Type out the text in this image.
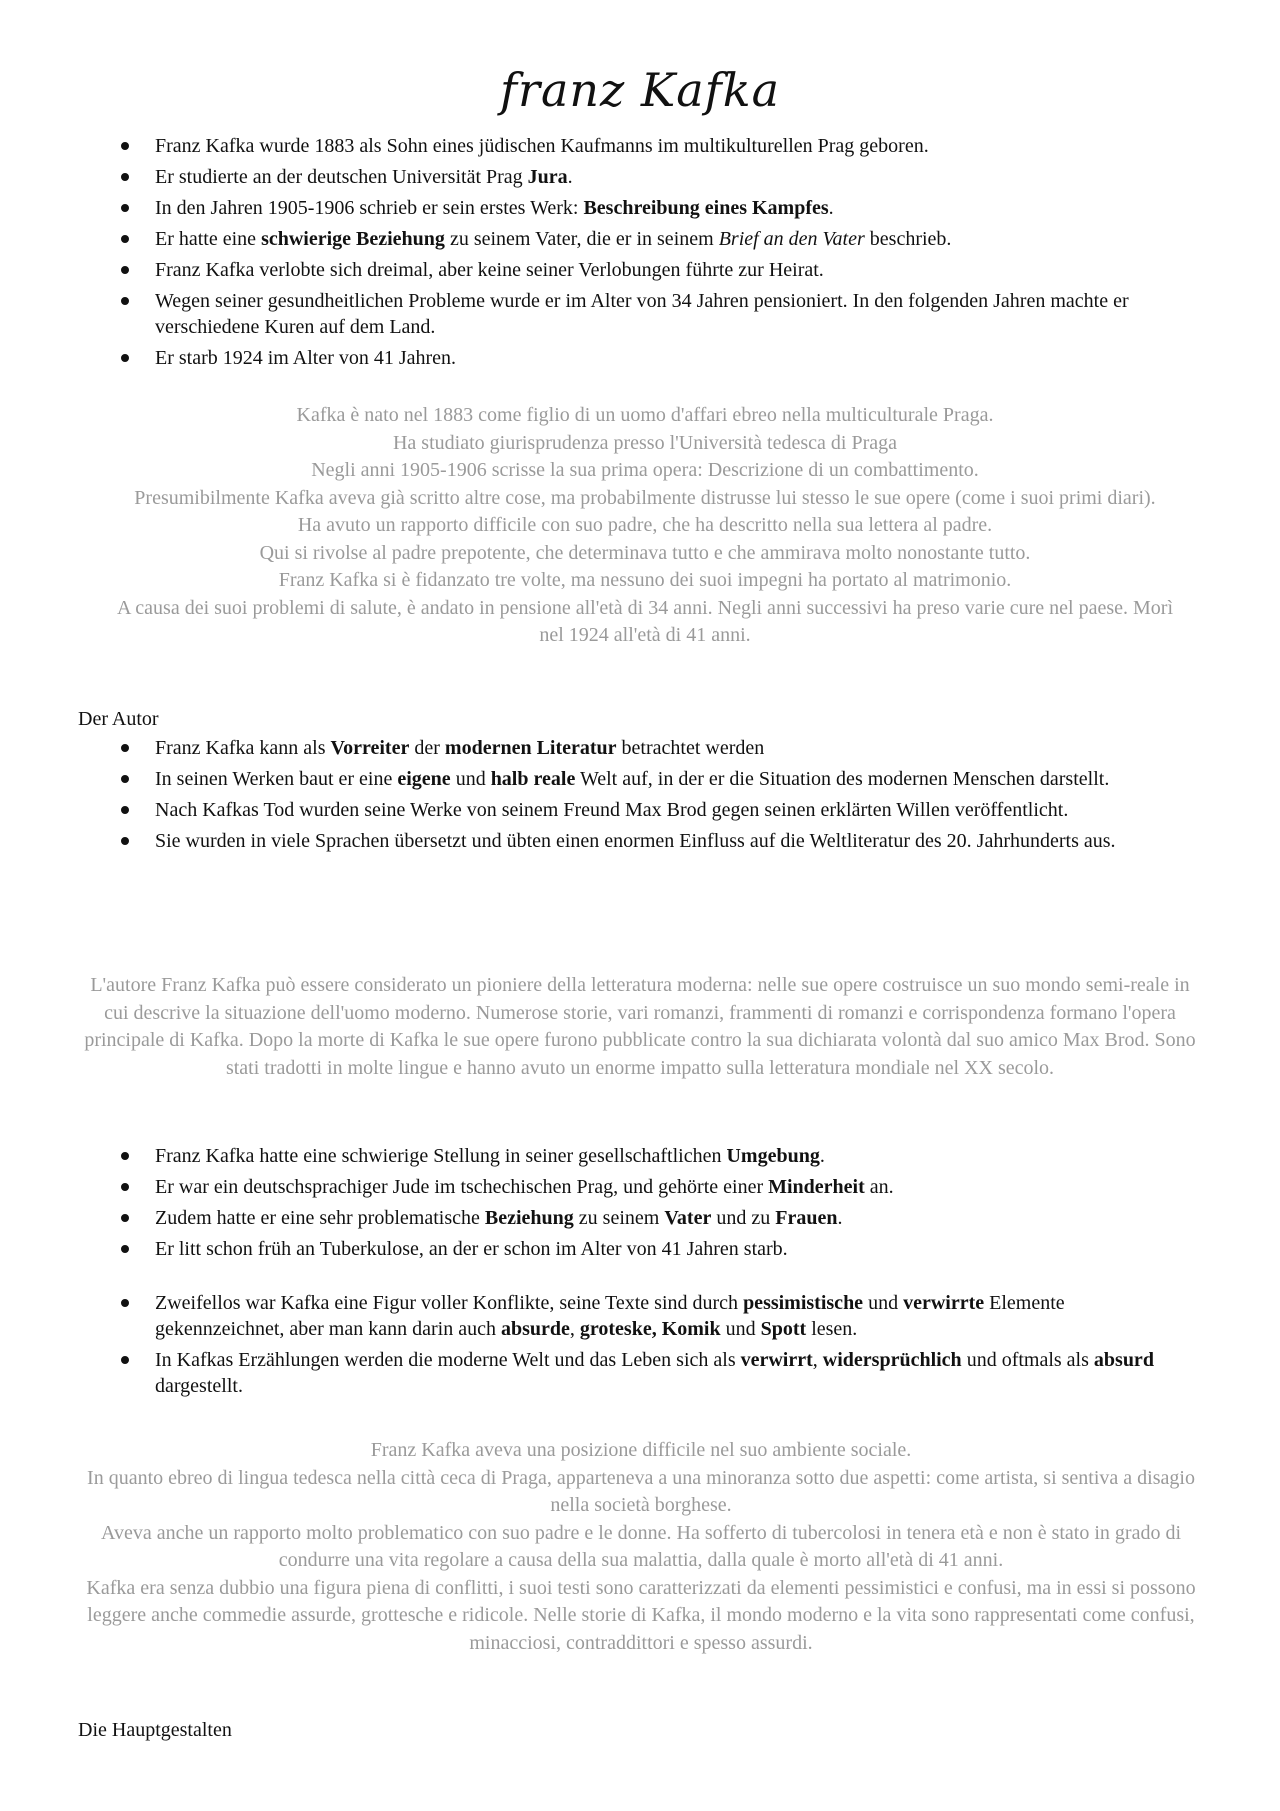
franz Kafka
Franz Kafka wurde 1883 als Sohn eines jüdischen Kaufmanns im multikulturellen Prag geboren.
Er studierte an der deutschen Universität Prag Jura.
In den Jahren 1905-1906 schrieb er sein erstes Werk: Beschreibung eines Kampfes.
Er hatte eine schwierige Beziehung zu seinem Vater, die er in seinem Brief an den Vater beschrieb.
Franz Kafka verlobte sich dreimal, aber keine seiner Verlobungen führte zur Heirat.
Wegen seiner gesundheitlichen Probleme wurde er im Alter von 34 Jahren pensioniert. In den folgenden Jahren machte er verschiedene Kuren auf dem Land.
Er starb 1924 im Alter von 41 Jahren.
Kafka è nato nel 1883 come figlio di un uomo d'affari ebreo nella multiculturale Praga.
Ha studiato giurisprudenza presso l'Università tedesca di Praga
Negli anni 1905-1906 scrisse la sua prima opera: Descrizione di un combattimento.
Presumibilmente Kafka aveva già scritto altre cose, ma probabilmente distrusse lui stesso le sue opere (come i suoi primi diari).
Ha avuto un rapporto difficile con suo padre, che ha descritto nella sua lettera al padre.
Qui si rivolse al padre prepotente, che determinava tutto e che ammirava molto nonostante tutto.
Franz Kafka si è fidanzato tre volte, ma nessuno dei suoi impegni ha portato al matrimonio.
A causa dei suoi problemi di salute, è andato in pensione all'età di 34 anni. Negli anni successivi ha preso varie cure nel paese. Morì nel 1924 all'età di 41 anni.
Der Autor
Franz Kafka kann als Vorreiter der modernen Literatur betrachtet werden
In seinen Werken baut er eine eigene und halb reale Welt auf, in der er die Situation des modernen Menschen darstellt.
Nach Kafkas Tod wurden seine Werke von seinem Freund Max Brod gegen seinen erklärten Willen veröffentlicht.
Sie wurden in viele Sprachen übersetzt und übten einen enormen Einfluss auf die Weltliteratur des 20. Jahrhunderts aus.
L'autore Franz Kafka può essere considerato un pioniere della letteratura moderna: nelle sue opere costruisce un suo mondo semi-reale in cui descrive la situazione dell'uomo moderno. Numerose storie, vari romanzi, frammenti di romanzi e corrispondenza formano l'opera principale di Kafka. Dopo la morte di Kafka le sue opere furono pubblicate contro la sua dichiarata volontà dal suo amico Max Brod. Sono stati tradotti in molte lingue e hanno avuto un enorme impatto sulla letteratura mondiale nel XX secolo.
Franz Kafka hatte eine schwierige Stellung in seiner gesellschaftlichen Umgebung.
Er war ein deutschsprachiger Jude im tschechischen Prag, und gehörte einer Minderheit an.
Zudem hatte er eine sehr problematische Beziehung zu seinem Vater und zu Frauen.
Er litt schon früh an Tuberkulose, an der er schon im Alter von 41 Jahren starb.
Zweifellos war Kafka eine Figur voller Konflikte, seine Texte sind durch pessimistische und verwirrte Elemente gekennzeichnet, aber man kann darin auch absurde, groteske, Komik und Spott lesen.
In Kafkas Erzählungen werden die moderne Welt und das Leben sich als verwirrt, widersprüchlich und oftmals als absurd dargestellt.
Franz Kafka aveva una posizione difficile nel suo ambiente sociale.
In quanto ebreo di lingua tedesca nella città ceca di Praga, apparteneva a una minoranza sotto due aspetti: come artista, si sentiva a disagio nella società borghese.
Aveva anche un rapporto molto problematico con suo padre e le donne. Ha sofferto di tubercolosi in tenera età e non è stato in grado di condurre una vita regolare a causa della sua malattia, dalla quale è morto all'età di 41 anni.
Kafka era senza dubbio una figura piena di conflitti, i suoi testi sono caratterizzati da elementi pessimistici e confusi, ma in essi si possono leggere anche commedie assurde, grottesche e ridicole. Nelle storie di Kafka, il mondo moderno e la vita sono rappresentati come confusi, minacciosi, contraddittori e spesso assurdi.
Die Hauptgestalten
